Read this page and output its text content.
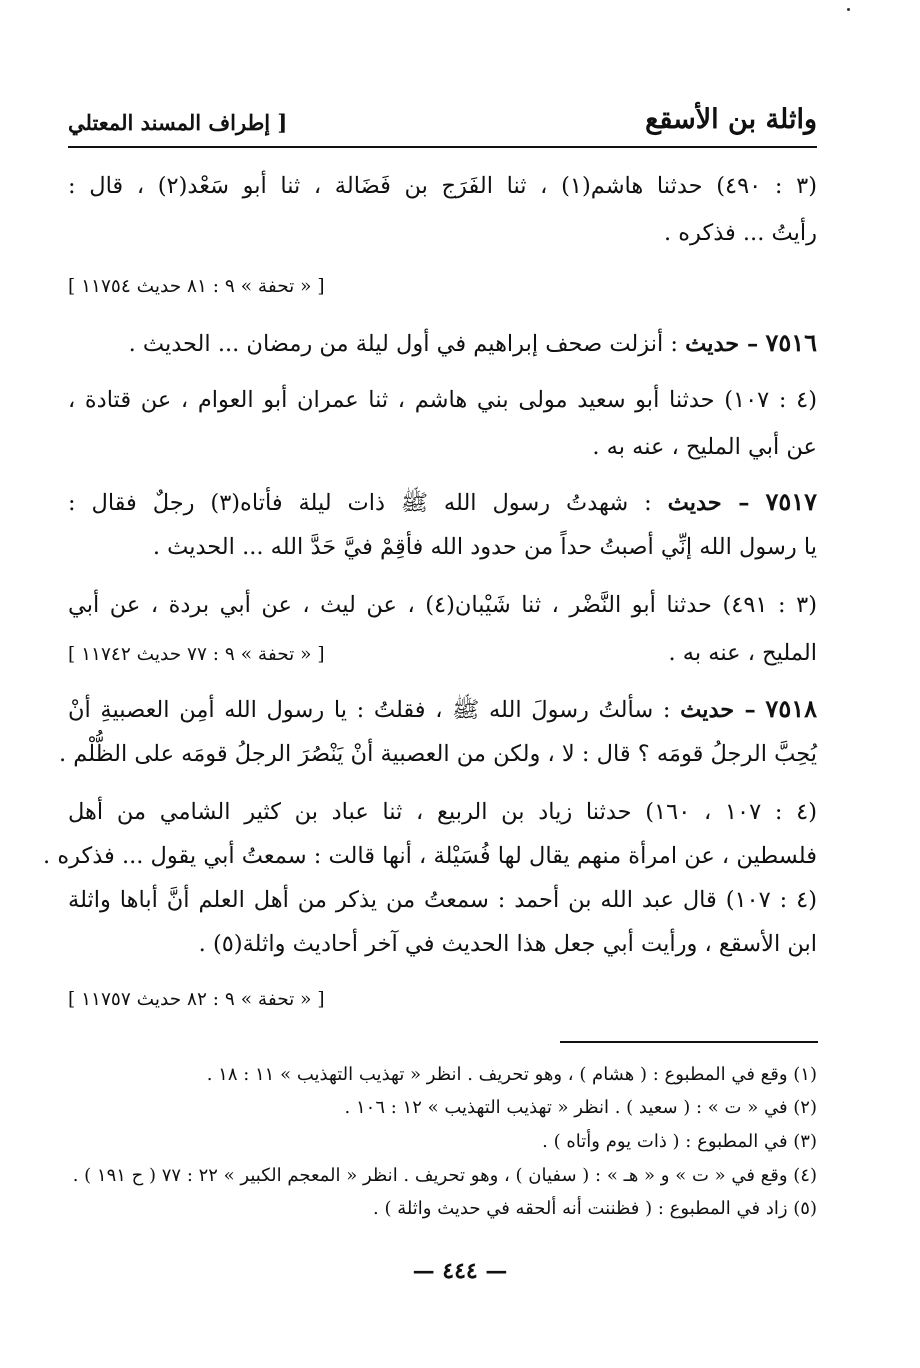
واثلة بن الأسقع
[ إطراف المسند المعتلي
(٣ : ٤٩٠) حدثنا هاشم(١) ، ثنا الفَرَج بن فَضَالة ، ثنا أبو سَعْد(٢) ، قال :
رأيتُ ... فذكره .
[ « تحفة » ٩ : ٨١ حديث ١١٧٥٤ ]
٧٥١٦ – حديث : أنزلت صحف إبراهيم في أول ليلة من رمضان ... الحديث .
(٤ : ١٠٧) حدثنا أبو سعيد مولى بني هاشم ، ثنا عمران أبو العوام ، عن قتادة ،
عن أبي المليح ، عنه به .
٧٥١٧ – حديث : شهدتُ رسول الله ﷺ ذات ليلة فأتاه(٣) رجلٌ فقال :
يا رسول الله إنِّي أصبتُ حداً من حدود الله فأقِمْ فيَّ حَدَّ الله ... الحديث .
(٣ : ٤٩١) حدثنا أبو النَّضْر ، ثنا شَيْبان(٤) ، عن ليث ، عن أبي بردة ، عن أبي
المليح ، عنه به .
[ « تحفة » ٩ : ٧٧ حديث ١١٧٤٢ ]
٧٥١٨ – حديث : سألتُ رسولَ الله ﷺ ، فقلتُ : يا رسول الله أمِن العصبيةِ أنْ
يُحِبَّ الرجلُ قومَه ؟ قال : لا ، ولكن من العصبية أنْ يَنْصُرَ الرجلُ قومَه على الظُّلْم .
(٤ : ١٠٧ ، ١٦٠) حدثنا زياد بن الربيع ، ثنا عباد بن كثير الشامي من أهل
فلسطين ، عن امرأة منهم يقال لها فُسَيْلة ، أنها قالت : سمعتُ أبي يقول ... فذكره .
(٤ : ١٠٧) قال عبد الله بن أحمد : سمعتُ من يذكر من أهل العلم أنَّ أباها واثلة
ابن الأسقع ، ورأيت أبي جعل هذا الحديث في آخر أحاديث واثلة(٥) .
[ « تحفة » ٩ : ٨٢ حديث ١١٧٥٧ ]
(١) وقع في المطبوع : ( هشام ) ، وهو تحريف . انظر « تهذيب التهذيب » ١١ : ١٨ .
(٢) في « ت » : ( سعيد ) . انظر « تهذيب التهذيب » ١٢ : ١٠٦ .
(٣) في المطبوع : ( ذات يوم وأتاه ) .
(٤) وقع في « ت » و « هـ » : ( سفيان ) ، وهو تحريف . انظر « المعجم الكبير » ٢٢ : ٧٧ ( ح ١٩١ ) .
(٥) زاد في المطبوع : ( فظننت أنه ألحقه في حديث واثلة ) .
— ٤٤٤ —
